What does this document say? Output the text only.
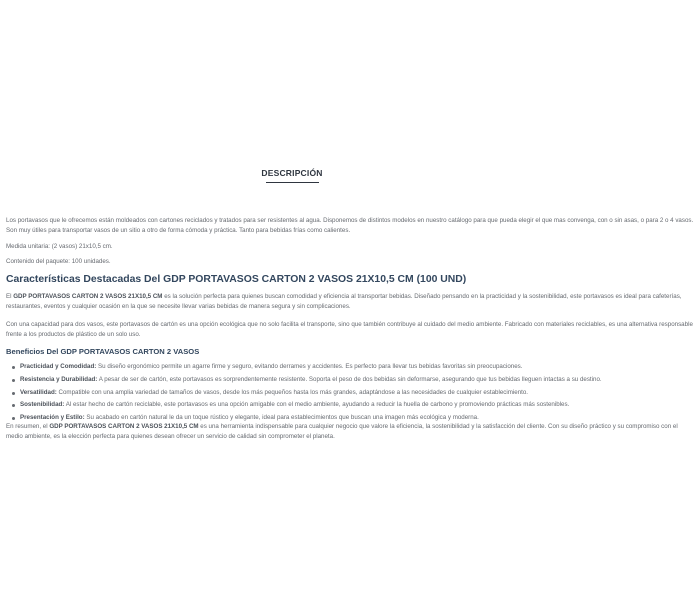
DESCRIPCIÓN

Los portavasos que le ofrecemos están moldeados con cartones reciclados y tratados para ser resistentes al agua. Disponemos de distintos modelos en nuestro catálogo para que pueda elegir el que mas convenga, con o sin asas, o para 2 o 4 vasos. Son muy útiles para transportar vasos de un sitio a otro de forma cómoda y práctica. Tanto para bebidas frías como calientes.

Medida unitaria: (2 vasos) 21x10,5 cm.

Contenido del paquete: 100 unidades.

Características Destacadas Del GDP PORTAVASOS CARTON 2 VASOS 21X10,5 CM (100 UND)

El GDP PORTAVASOS CARTON 2 VASOS 21X10,5 CM es la solución perfecta para quienes buscan comodidad y eficiencia al transportar bebidas. Diseñado pensando en la practicidad y la sostenibilidad, este portavasos es ideal para cafeterías, restaurantes, eventos y cualquier ocasión en la que se necesite llevar varias bebidas de manera segura y sin complicaciones.

Con una capacidad para dos vasos, este portavasos de cartón es una opción ecológica que no solo facilita el transporte, sino que también contribuye al cuidado del medio ambiente. Fabricado con materiales reciclables, es una alternativa responsable frente a los productos de plástico de un solo uso.

Beneficios Del GDP PORTAVASOS CARTON 2 VASOS
Practicidad y Comodidad: Su diseño ergonómico permite un agarre firme y seguro, evitando derrames y accidentes. Es perfecto para llevar tus bebidas favoritas sin preocupaciones.
Resistencia y Durabilidad: A pesar de ser de cartón, este portavasos es sorprendentemente resistente. Soporta el peso de dos bebidas sin deformarse, asegurando que tus bebidas lleguen intactas a su destino.
Versatilidad: Compatible con una amplia variedad de tamaños de vasos, desde los más pequeños hasta los más grandes, adaptándose a las necesidades de cualquier establecimiento.
Sostenibilidad: Al estar hecho de cartón reciclable, este portavasos es una opción amigable con el medio ambiente, ayudando a reducir la huella de carbono y promoviendo prácticas más sostenibles.
Presentación y Estilo: Su acabado en cartón natural le da un toque rústico y elegante, ideal para establecimientos que buscan una imagen más ecológica y moderna.

En resumen, el GDP PORTAVASOS CARTON 2 VASOS 21X10,5 CM es una herramienta indispensable para cualquier negocio que valore la eficiencia, la sostenibilidad y la satisfacción del cliente. Con su diseño práctico y su compromiso con el medio ambiente, es la elección perfecta para quienes desean ofrecer un servicio de calidad sin comprometer el planeta.
